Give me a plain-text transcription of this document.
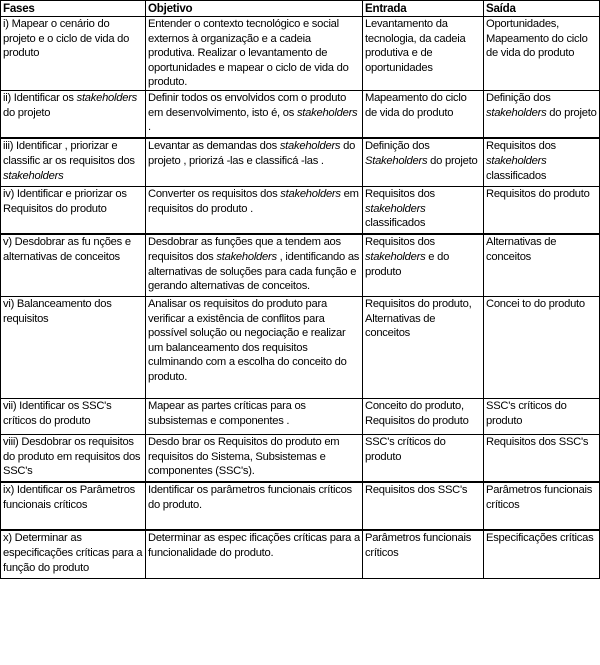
Fases	Objetivo	Entrada	Saída
i) Mapear o cenário do projeto e o ciclo de vida do produto	Entender o contexto tecnológico e social externos à organização e a cadeia produtiva. Realizar o levantamento de oportunidades e mapear o ciclo de vida do produto.	Levantamento da tecnologia, da cadeia produtiva e de oportunidades	Oportunidades, Mapeamento do ciclo de vida do produto
ii) Identificar os stakeholders do projeto	Definir todos os envolvidos com o produto em desenvolvimento, isto é, os stakeholders .	Mapeamento do ciclo de vida do produto	Definição dos stakeholders do projeto
iii) Identificar , priorizar e classific ar os requisitos dos stakeholders	Levantar as demandas dos stakeholders do projeto , priorizá -las e classificá -las .	Definição dos Stakeholders do projeto	Requisitos dos stakeholders classificados
iv) Identificar e priorizar os Requisitos do produto	Converter os requisitos dos stakeholders em requisitos do produto .	Requisitos dos stakeholders classificados	Requisitos do produto
v) Desdobrar as fu nções e alternativas de conceitos	Desdobrar as funções que a tendem aos requisitos dos stakeholders , identificando as alternativas de soluções para cada função e gerando alternativas de conceitos.	Requisitos dos stakeholders e do produto	Alternativas de conceitos
vi) Balanceamento dos requisitos	Analisar os requisitos do produto para verificar a existência de conflitos para possível solução ou negociação e realizar um balanceamento dos requisitos culminando com a escolha do conceito do produto.	Requisitos do produto, Alternativas de conceitos	Concei to do produto
vii) Identificar os SSC's críticos do produto	Mapear as partes críticas para os subsistemas e componentes .	Conceito do produto, Requisitos do produto	SSC's críticos do produto
viii) Desdobrar os requisitos do produto em requisitos dos SSC's	Desdo brar os Requisitos do produto em requisitos do Sistema, Subsistemas e componentes (SSC's).	SSC's críticos do produto	Requisitos dos SSC's
ix) Identificar os Parâmetros funcionais críticos	Identificar os parâmetros funcionais críticos do produto.	Requisitos dos SSC's	Parâmetros funcionais críticos
x) Determinar as especificações críticas para a função do produto	Determinar as espec ificações críticas para a funcionalidade do produto.	Parâmetros funcionais críticos	Especificações críticas
